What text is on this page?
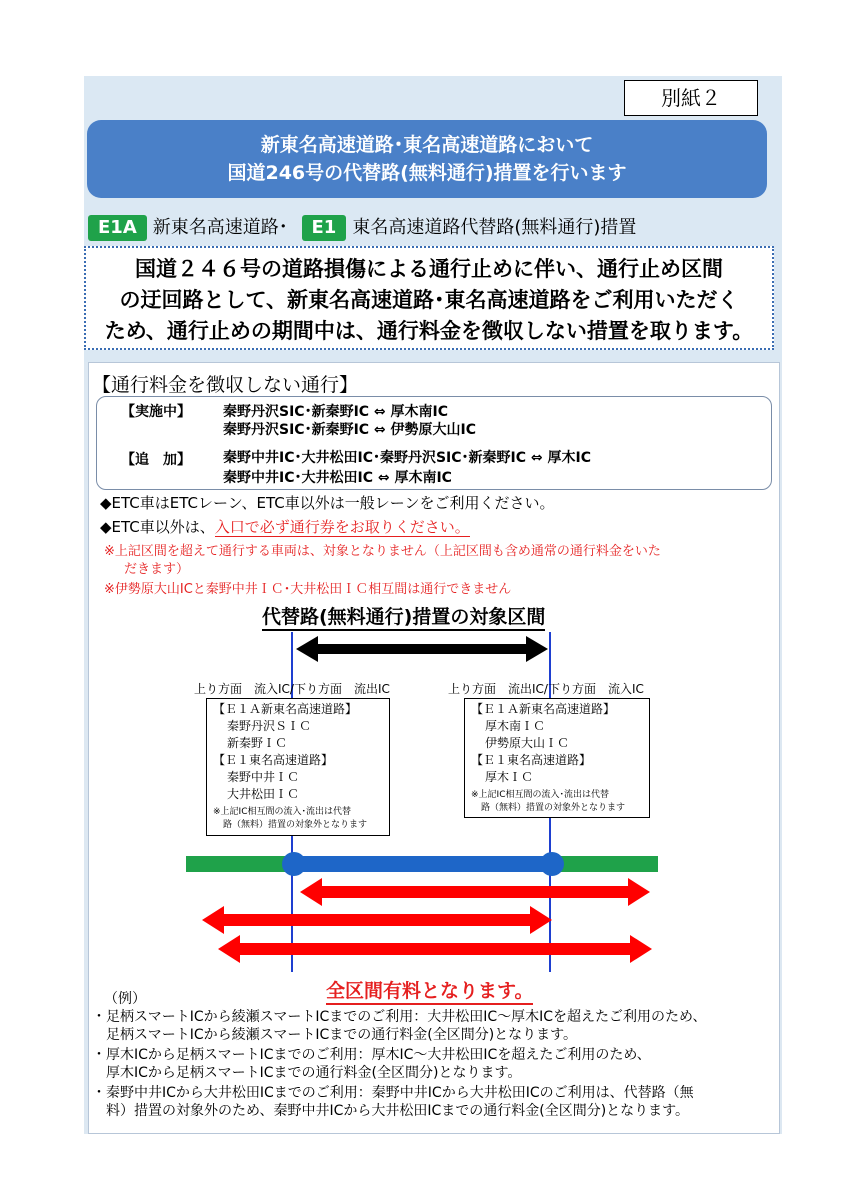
別紙２
新東名高速道路･東名高速道路において
国道246号の代替路(無料通行)措置を行います
E1A 新東名高速道路･ E1 東名高速道路代替路(無料通行)措置
国道２４６号の道路損傷による通行止めに伴い、通行止め区間
の迂回路として、新東名高速道路･東名高速道路をご利用いただく
ため、通行止めの期間中は、通行料金を徴収しない措置を取ります。
【通行料金を徴収しない通行】
【実施中】 秦野丹沢SIC･新秦野IC ⇔ 厚木南IC
秦野丹沢SIC･新秦野IC ⇔ 伊勢原大山IC
【追　加】 秦野中井IC･大井松田IC･秦野丹沢SIC･新秦野IC ⇔ 厚木IC
秦野中井IC･大井松田IC ⇔ 厚木南IC
◆ETC車はETCレーン、ETC車以外は一般レーンをご利用ください。
◆ETC車以外は、入口で必ず通行券をお取りください。
※上記区間を超えて通行する車両は、対象となりません（上記区間も含め通常の通行料金をいた
だきます）
※伊勢原大山ICと秦野中井ＩＣ･大井松田ＩＣ相互間は通行できません
代替路(無料通行)措置の対象区間
上り方面　流入IC/下り方面　流出IC	上り方面　流出IC/下り方面　流入IC
【Ｅ１Ａ新東名高速道路】
秦野丹沢ＳＩＣ
新秦野ＩＣ
【Ｅ１東名高速道路】
秦野中井ＩＣ
大井松田ＩＣ
※上記IC相互間の流入･流出は代替
路（無料）措置の対象外となります
【Ｅ１Ａ新東名高速道路】
厚木南ＩＣ
伊勢原大山ＩＣ
【Ｅ１東名高速道路】
厚木ＩＣ
※上記IC相互間の流入･流出は代替
路（無料）措置の対象外となります
全区間有料となります。
（例）
・足柄スマートICから綾瀬スマートICまでのご利用：大井松田IC～厚木ICを超えたご利用のため、
足柄スマートICから綾瀬スマートICまでの通行料金(全区間分)となります。
・厚木ICから足柄スマートICまでのご利用：厚木IC～大井松田ICを超えたご利用のため、
厚木ICから足柄スマートICまでの通行料金(全区間分)となります。
・秦野中井ICから大井松田ICまでのご利用：秦野中井ICから大井松田ICのご利用は、代替路（無
料）措置の対象外のため、秦野中井ICから大井松田ICまでの通行料金(全区間分)となります。
